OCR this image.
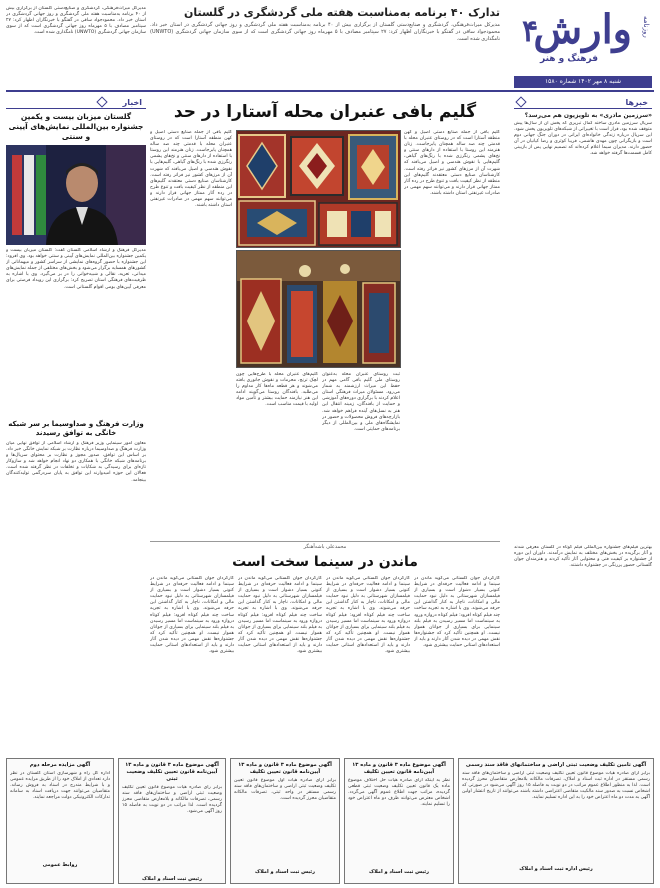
وارش روزنامه
۴
فرهنگ و هنر
شنبه ۸ مهر ۱۴۰۲ شماره ۱۵۸۰
تدارک ۴۰ برنامه به‌مناسبت هفته ملی گردشگری در گلستان
مدیرکل میراث‌فرهنگی، گردشگری و صنایع‌دستی گلستان از برگزاری بیش از ۴۰ برنامه به‌مناسبت هفته ملی گردشگری و روز جهانی گردشگری در استان خبر داد. محمودجواد ساقی در گفتگو با خبرنگاران اظهار کرد: ۲۷ سپتامبر مصادف با ۵ مهرماه روز جهانی گردشگری است که از سوی سازمان جهانی گردشگری (UNWTO) نامگذاری شده است.
مدیرکل میراث‌فرهنگی، گردشگری و صنایع‌دستی گلستان از برگزاری بیش از ۴۰ برنامه به‌مناسبت هفته ملی گردشگری و روز جهانی گردشگری در استان خبر داد. محمودجواد ساقی در گفتگو با خبرنگاران اظهار کرد: ۲۷ سپتامبر مصادف با ۵ مهرماه روز جهانی گردشگری است که از سوی سازمان جهانی گردشگری (UNWTO) نامگذاری شده است.
خبرها
«سرزمین مادری» به تلویزیون هم می‌رسد؟
سریال سرزمین مادری ساخته کمال تبریزی که پخش آن از سال‌ها پیش متوقف شده بود، قرار است با تغییراتی از شبکه‌های تلویزیون پخش شود. این سریال درباره زندگی خانواده‌ای ایرانی در دوران جنگ جهانی دوم است و بازیگرانی چون مهدی هاشمی، فریبا کوثری و رضا کیانیان در آن حضور دارند. مدیران سیما اعلام کرده‌اند که تصمیم نهایی پس از بازبینی کامل قسمت‌ها گرفته خواهد شد.
بهترین فیلم‌های جشنواره بین‌المللی فیلم کوتاه در گلستان معرفی شدند و آثار برگزیده در بخش‌های مختلف به نمایش درآمدند. داوران این دوره از جشنواره بر کیفیت فنی و محتوایی آثار تأکید کردند و هنرمندان جوان گلستانی حضور پررنگی در جشنواره داشتند.
گلیم بافی عنبران محله آستارا در حد
گلیم بافی از جمله صنایع دستی اصیل و کهن منطقه آستارا است که در روستای عنبران محله با قدمتی چند صد ساله همچنان پابرجاست. زنان هنرمند این روستا با استفاده از دارهای سنتی و نخ‌های پشمی رنگرزی شده با رنگ‌های گیاهی، گلیم‌هایی با نقوش هندسی و اصیل می‌بافند که شهرت آن از مرزهای کشور نیز فراتر رفته است. کارشناسان صنایع دستی معتقدند گلیم‌های این منطقه از نظر کیفیت بافت و تنوع طرح در رده آثار ممتاز جهانی قرار دارند و می‌توانند سهم مهمی در صادرات غیرنفتی استان داشته باشند.
ثبت روستای عنبران محله به‌عنوان روستای ملی گلیم بافی گامی مهم در حفظ این میراث ارزشمند به شمار می‌رود. مسئولان میراث فرهنگی استان اعلام کردند با برگزاری دوره‌های آموزشی و حمایت از بافندگان، زمینه انتقال این هنر به نسل‌های آینده فراهم خواهد شد. بازارچه‌های فروش محصولات و حضور در نمایشگاه‌های ملی و بین‌المللی از دیگر برنامه‌های حمایتی است.
گلیم‌های عنبران محله با طرح‌هایی چون لچک ترنج، محرمات و نقوش جانوری بافته می‌شوند و هر قطعه ماه‌ها کار مداوم را می‌طلبد. بافندگان روستا می‌گویند ادامه این هنر نیازمند حمایت بیشتر و تأمین مواد اولیه با قیمت مناسب است.
گلیم بافی از جمله صنایع دستی اصیل و کهن منطقه آستارا است که در روستای عنبران محله با قدمتی چند صد ساله همچنان پابرجاست. زنان هنرمند این روستا با استفاده از دارهای سنتی و نخ‌های پشمی رنگرزی شده با رنگ‌های گیاهی، گلیم‌هایی با نقوش هندسی و اصیل می‌بافند که شهرت آن از مرزهای کشور نیز فراتر رفته است. کارشناسان صنایع دستی معتقدند گلیم‌های این منطقه از نظر کیفیت بافت و تنوع طرح در رده آثار ممتاز جهانی قرار دارند و می‌توانند سهم مهمی در صادرات غیرنفتی استان داشته باشند.
اخبار
گلستان میزبان بیست و یکمین جشنواره بین‌المللی نمایش‌های آیینی و سنتی
مدیرکل فرهنگ و ارشاد اسلامی گلستان گفت: گلستان میزبان بیست و یکمین جشنواره بین‌المللی نمایش‌های آیینی و سنتی خواهد بود. وی افزود: این جشنواره با حضور گروه‌های نمایشی از سراسر کشور و میهمانانی از کشورهای همسایه برگزار می‌شود و بخش‌های مختلفی از جمله نمایش‌های میدانی، تعزیه، نقالی و شبیه‌خوانی را در بر می‌گیرد. وی با اشاره به ظرفیت‌های فرهنگی استان تصریح کرد: برگزاری این رویداد فرصتی برای معرفی آیین‌های بومی اقوام گلستانی است.
وزارت فرهنگ و صداوسیما بر سر شبکه خانگی به توافق رسیدند
معاون امور سینمایی وزیر فرهنگ و ارشاد اسلامی از توافق نهایی میان وزارت فرهنگ و صداوسیما درباره نظارت بر شبکه نمایش خانگی خبر داد. بر اساس این توافق، صدور مجوز و نظارت بر محتوای سریال‌ها و برنامه‌های شبکه خانگی با همکاری دو نهاد انجام خواهد شد و سازوکار تازه‌ای برای رسیدگی به شکایات و تخلفات در نظر گرفته شده است. فعالان این حوزه امیدوارند این توافق به پایان سردرگمی تولیدکنندگان بینجامد.
محمدعلی باشه‌آهنگر
ماندن در سینما سخت است
کارگردان جوان گلستانی می‌گوید ماندن در سینما و ادامه فعالیت حرفه‌ای در شرایط کنونی بسیار دشوار است و بسیاری از فیلمسازان شهرستانی به دلیل نبود حمایت مالی و امکانات، ناچار به کنار گذاشتن این حرفه می‌شوند. وی با اشاره به تجربه ساخت چند فیلم کوتاه افزود: فیلم کوتاه دروازه ورود به سینماست اما مسیر رسیدن به فیلم بلند سینمایی برای بسیاری از جوانان هموار نیست. او همچنین تأکید کرد که جشنواره‌ها نقش مهمی در دیده شدن آثار دارند و باید از استعدادهای استانی حمایت بیشتری شود.
کارگردان جوان گلستانی می‌گوید ماندن در سینما و ادامه فعالیت حرفه‌ای در شرایط کنونی بسیار دشوار است و بسیاری از فیلمسازان شهرستانی به دلیل نبود حمایت مالی و امکانات، ناچار به کنار گذاشتن این حرفه می‌شوند. وی با اشاره به تجربه ساخت چند فیلم کوتاه افزود: فیلم کوتاه دروازه ورود به سینماست اما مسیر رسیدن به فیلم بلند سینمایی برای بسیاری از جوانان هموار نیست. او همچنین تأکید کرد که جشنواره‌ها نقش مهمی در دیده شدن آثار دارند و باید از استعدادهای استانی حمایت بیشتری شود.
کارگردان جوان گلستانی می‌گوید ماندن در سینما و ادامه فعالیت حرفه‌ای در شرایط کنونی بسیار دشوار است و بسیاری از فیلمسازان شهرستانی به دلیل نبود حمایت مالی و امکانات، ناچار به کنار گذاشتن این حرفه می‌شوند. وی با اشاره به تجربه ساخت چند فیلم کوتاه افزود: فیلم کوتاه دروازه ورود به سینماست اما مسیر رسیدن به فیلم بلند سینمایی برای بسیاری از جوانان هموار نیست. او همچنین تأکید کرد که جشنواره‌ها نقش مهمی در دیده شدن آثار دارند و باید از استعدادهای استانی حمایت بیشتری شود.
کارگردان جوان گلستانی می‌گوید ماندن در سینما و ادامه فعالیت حرفه‌ای در شرایط کنونی بسیار دشوار است و بسیاری از فیلمسازان شهرستانی به دلیل نبود حمایت مالی و امکانات، ناچار به کنار گذاشتن این حرفه می‌شوند. وی با اشاره به تجربه ساخت چند فیلم کوتاه افزود: فیلم کوتاه دروازه ورود به سینماست اما مسیر رسیدن به فیلم بلند سینمایی برای بسیاری از جوانان هموار نیست. او همچنین تأکید کرد که جشنواره‌ها نقش مهمی در دیده شدن آثار دارند و باید از استعدادهای استانی حمایت بیشتری شود.
آگهی تامین تکلیف وضعیت ثبتی اراضی و ساختمانهای فاقد سند رسمی
برابر آرای صادره هیات موضوع قانون تعیین تکلیف وضعیت ثبتی اراضی و ساختمان‌های فاقد سند رسمی مستقر در اداره ثبت اسناد و املاک، تصرفات مالکانه بلامعارض متقاضیان محرز گردیده است. لذا به منظور اطلاع عموم مراتب در دو نوبت به فاصله ۱۵ روز آگهی می‌شود در صورتی که اشخاص نسبت به صدور سند مالکیت متقاضی اعتراضی داشته باشند می‌توانند از تاریخ انتشار اولین آگهی به مدت دو ماه اعتراض خود را به این اداره تسلیم نمایند.
رئیس اداره ثبت اسناد و املاک
آگهی موضوع ماده ۳ قانون و ماده ۱۳ آیین‌نامه قانون تعیین تکلیف
نظر به اینکه آرای صادره هیات حل اختلاف موضوع ماده یک قانون تعیین تکلیف وضعیت ثبتی قطعی گردیده، مراتب جهت اطلاع عموم آگهی می‌گردد. اشخاص معترض می‌توانند ظرف دو ماه اعتراض خود را تسلیم نمایند.
رئیس ثبت اسناد و املاک
آگهی موضوع ماده ۳ قانون و ماده ۱۳ آیین‌نامه قانون تعیین تکلیف
برابر آرای صادره هیات اول موضوع قانون تعیین تکلیف وضعیت ثبتی اراضی و ساختمان‌های فاقد سند رسمی مستقر در واحد ثبتی، تصرفات مالکانه متقاضیان محرز گردیده است.
رئیس ثبت اسناد و املاک
آگهی موضوع ماده ۳ قانون و ماده ۱۳ آیین‌نامه قانون تعیین تکلیف وضعیت ثبتی
برابر رای صادره هیات موضوع قانون تعیین تکلیف وضعیت ثبتی اراضی و ساختمان‌های فاقد سند رسمی، تصرفات مالکانه و بلامعارض متقاضی محرز گردیده است. لذا مراتب در دو نوبت به فاصله ۱۵ روز آگهی می‌شود.
رئیس ثبت اسناد و املاک
آگهی مزایده مرحله دوم
اداره کل راه و شهرسازی استان گلستان در نظر دارد تعدادی از املاک خود را از طریق مزایده عمومی و با شرایط مندرج در اسناد به فروش رساند. متقاضیان می‌توانند جهت دریافت اسناد به سامانه تدارکات الکترونیکی دولت مراجعه نمایند.
روابط عمومی
